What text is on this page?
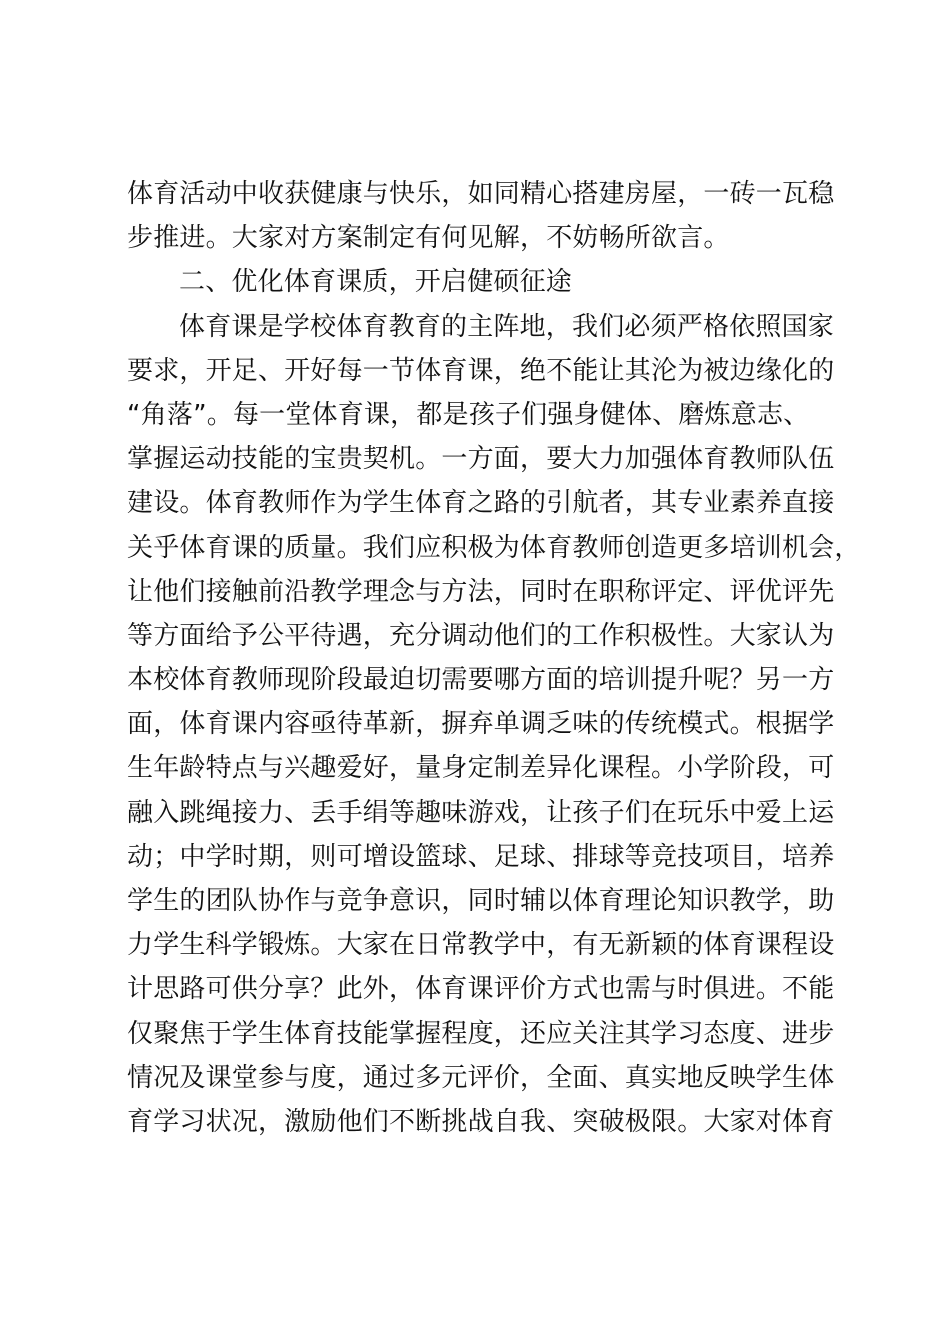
体育活动中收获健康与快乐，如同精心搭建房屋，一砖一瓦稳
步推进。大家对方案制定有何见解，不妨畅所欲言。
二、优化体育课质，开启健硕征途
体育课是学校体育教育的主阵地，我们必须严格依照国家
要求，开足、开好每一节体育课，绝不能让其沦为被边缘化的
“角落”。每一堂体育课，都是孩子们强身健体、磨炼意志、
掌握运动技能的宝贵契机。一方面，要大力加强体育教师队伍
建设。体育教师作为学生体育之路的引航者，其专业素养直接
关乎体育课的质量。我们应积极为体育教师创造更多培训机会，
让他们接触前沿教学理念与方法，同时在职称评定、评优评先
等方面给予公平待遇，充分调动他们的工作积极性。大家认为
本校体育教师现阶段最迫切需要哪方面的培训提升呢？另一方
面，体育课内容亟待革新，摒弃单调乏味的传统模式。根据学
生年龄特点与兴趣爱好，量身定制差异化课程。小学阶段，可
融入跳绳接力、丢手绢等趣味游戏，让孩子们在玩乐中爱上运
动；中学时期，则可增设篮球、足球、排球等竞技项目，培养
学生的团队协作与竞争意识，同时辅以体育理论知识教学，助
力学生科学锻炼。大家在日常教学中，有无新颖的体育课程设
计思路可供分享？此外，体育课评价方式也需与时俱进。不能
仅聚焦于学生体育技能掌握程度，还应关注其学习态度、进步
情况及课堂参与度，通过多元评价，全面、真实地反映学生体
育学习状况，激励他们不断挑战自我、突破极限。大家对体育
